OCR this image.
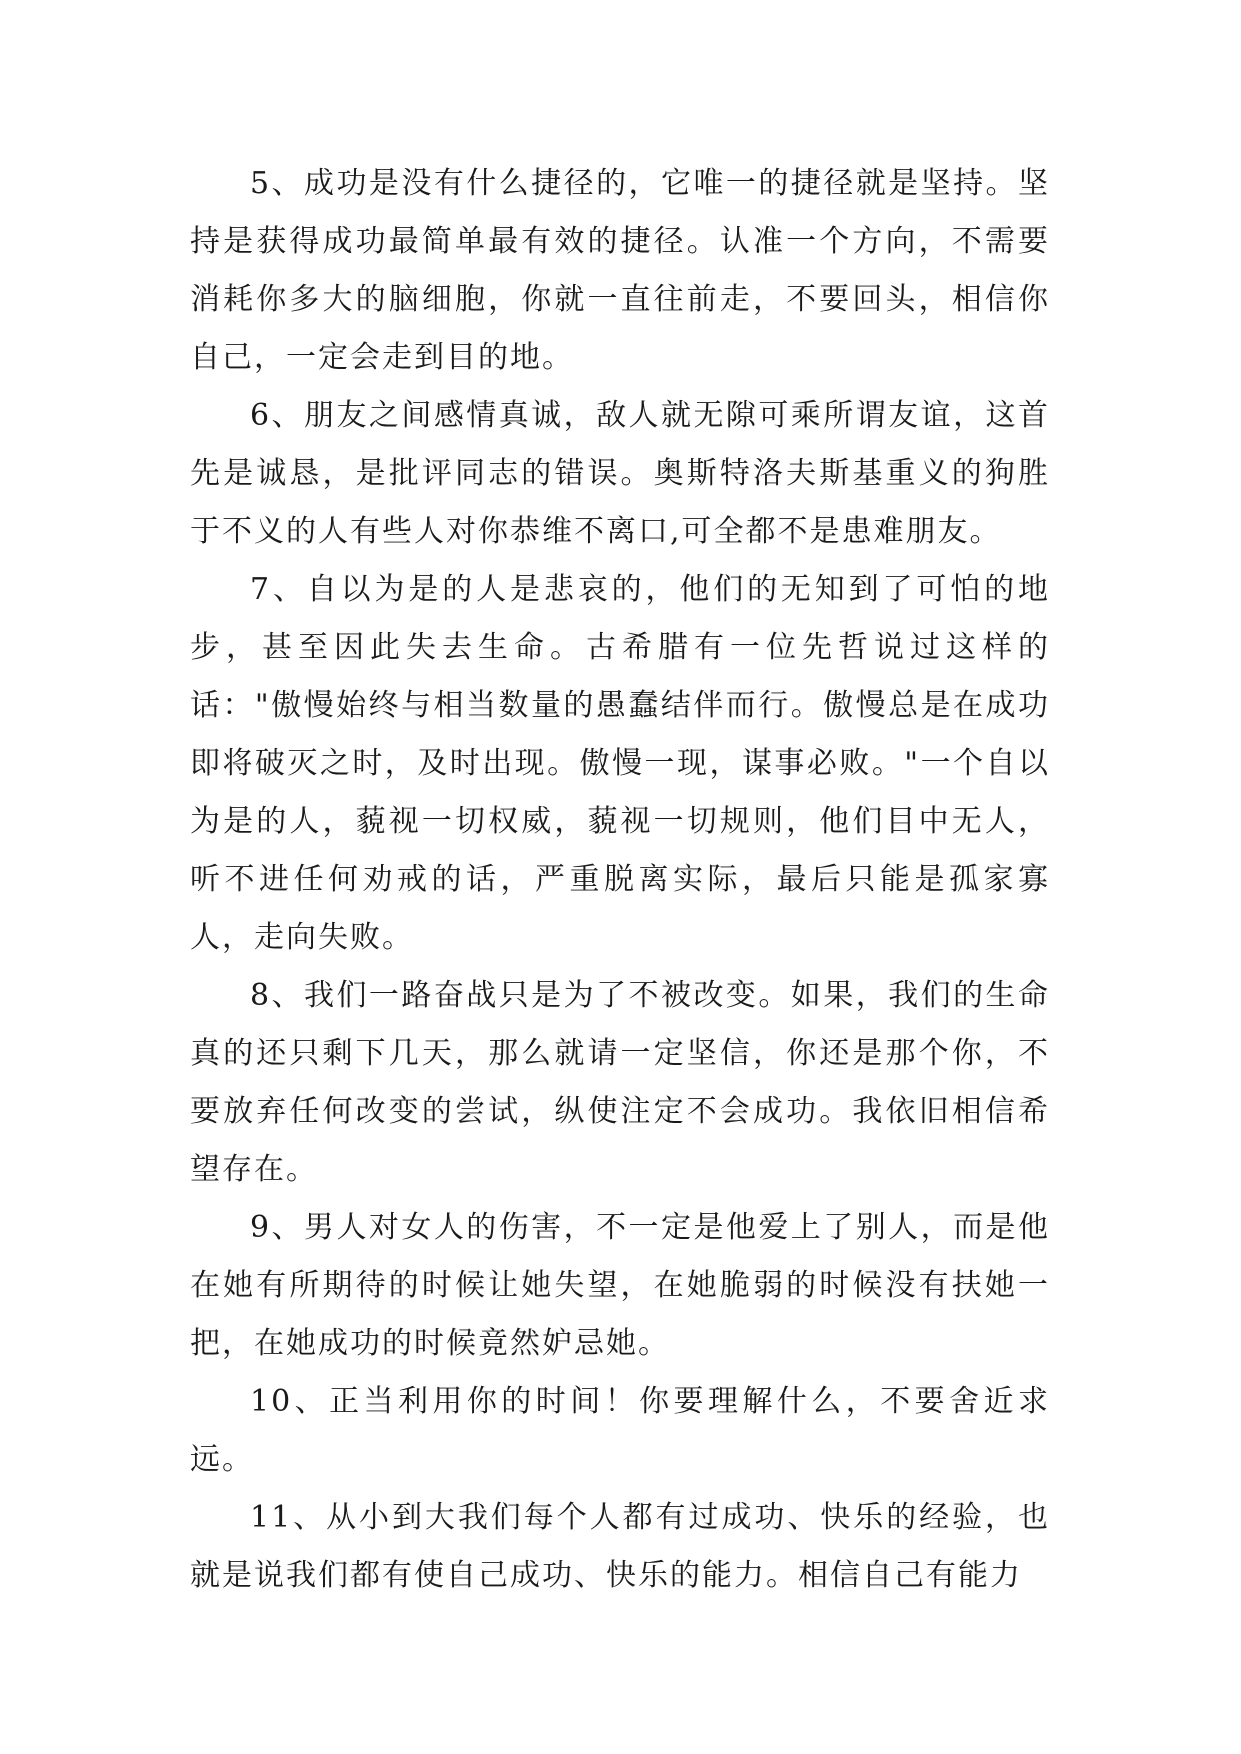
5、成功是没有什么捷径的，它唯一的捷径就是坚持。坚持是获得成功最简单最有效的捷径。认准一个方向，不需要消耗你多大的脑细胞，你就一直往前走，不要回头，相信你自己，一定会走到目的地。

6、朋友之间感情真诚，敌人就无隙可乘所谓友谊，这首先是诚恳，是批评同志的错误。奥斯特洛夫斯基重义的狗胜于不义的人有些人对你恭维不离口,可全都不是患难朋友。

7、自以为是的人是悲哀的，他们的无知到了可怕的地步，甚至因此失去生命。古希腊有一位先哲说过这样的话："傲慢始终与相当数量的愚蠢结伴而行。傲慢总是在成功即将破灭之时，及时出现。傲慢一现，谋事必败。"一个自以为是的人，藐视一切权威，藐视一切规则，他们目中无人，听不进任何劝戒的话，严重脱离实际，最后只能是孤家寡人，走向失败。

8、我们一路奋战只是为了不被改变。如果，我们的生命真的还只剩下几天，那么就请一定坚信，你还是那个你，不要放弃任何改变的尝试，纵使注定不会成功。我依旧相信希望存在。

9、男人对女人的伤害，不一定是他爱上了别人，而是他在她有所期待的时候让她失望，在她脆弱的时候没有扶她一把，在她成功的时候竟然妒忌她。

10、正当利用你的时间！你要理解什么，不要舍近求远。

11、从小到大我们每个人都有过成功、快乐的经验，也就是说我们都有使自己成功、快乐的能力。相信自己有能力
